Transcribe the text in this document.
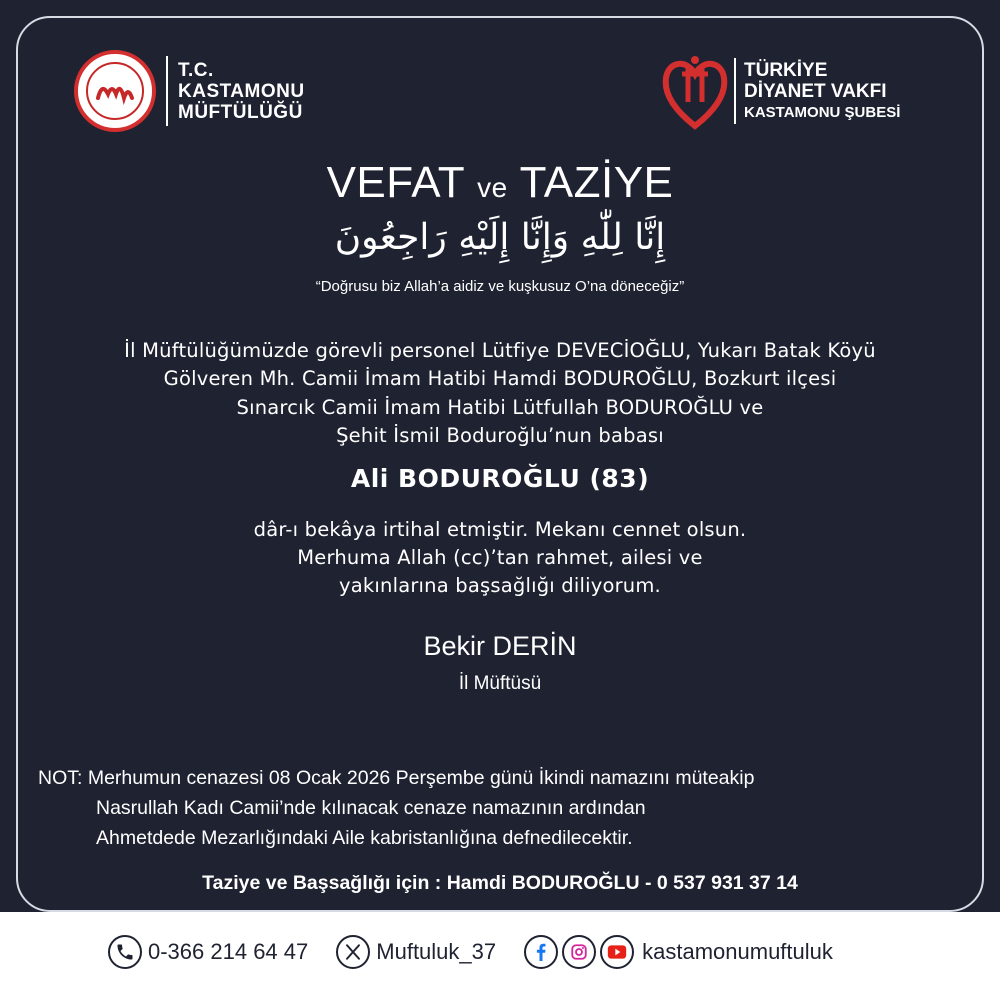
T.C.
KASTAMONU
MÜFTÜLÜĞÜ
TÜRKİYE
DİYANET VAKFI
KASTAMONU ŞUBESİ
VEFAT ve TAZİYE
إِنَّا لِلّٰهِ وَإِنَّا إِلَيْهِ رَاجِعُونَ
“Doğrusu biz Allah’a aidiz ve kuşkusuz O’na döneceğiz”
İl Müftülüğümüzde görevli personel Lütfiye DEVECİOĞLU, Yukarı Batak Köyü
Gölveren Mh. Camii İmam Hatibi Hamdi BODUROĞLU, Bozkurt ilçesi
Sınarcık Camii İmam Hatibi Lütfullah BODUROĞLU ve
Şehit İsmil Boduroğlu’nun babası
Ali BODUROĞLU (83)
dâr-ı bekâya irtihal etmiştir. Mekanı cennet olsun.
Merhuma Allah (cc)’tan rahmet, ailesi ve
yakınlarına başsağlığı diliyorum.
Bekir DERİN
İl Müftüsü
NOT: Merhumun cenazesi 08 Ocak 2026 Perşembe günü İkindi namazını müteakip
Nasrullah Kadı Camii’nde kılınacak cenaze namazının ardından
Ahmetdede Mezarlığındaki Aile kabristanlığına defnedilecektir.
Taziye ve Başsağlığı için : Hamdi BODUROĞLU - 0 537 931 37 14
0-366 214 64 47	Muftuluk_37	kastamonumuftuluk
